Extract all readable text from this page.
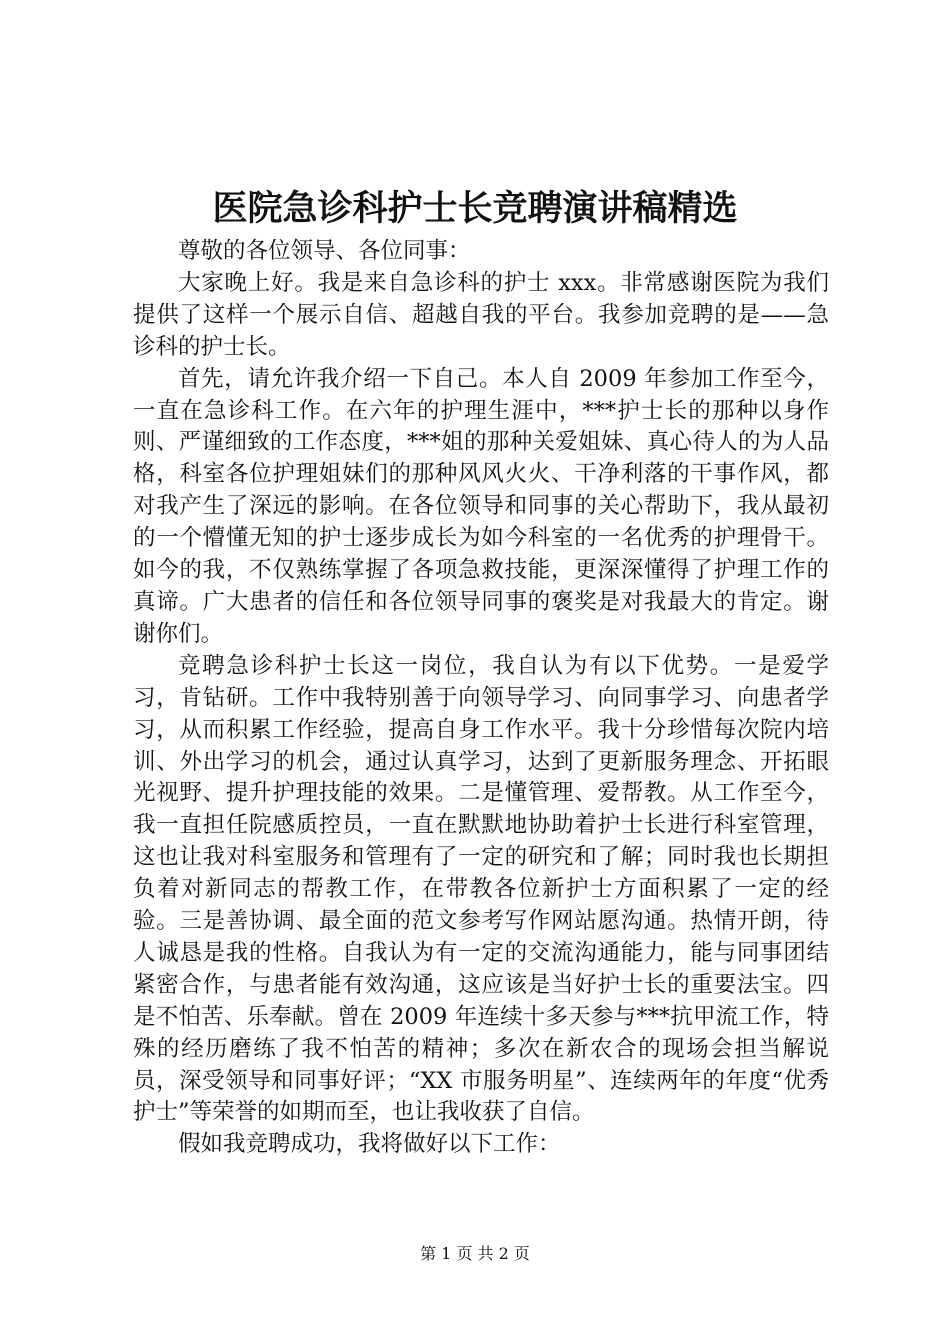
医院急诊科护士长竞聘演讲稿精选

尊敬的各位领导、各位同事：

大家晚上好。我是来自急诊科的护士 xxx。非常感谢医院为我们提供了这样一个展示自信、超越自我的平台。我参加竞聘的是——急诊科的护士长。

首先，请允许我介绍一下自己。本人自 2009 年参加工作至今，一直在急诊科工作。在六年的护理生涯中，***护士长的那种以身作则、严谨细致的工作态度，***姐的那种关爱姐妹、真心待人的为人品格，科室各位护理姐妹们的那种风风火火、干净利落的干事作风，都对我产生了深远的影响。在各位领导和同事的关心帮助下，我从最初的一个懵懂无知的护士逐步成长为如今科室的一名优秀的护理骨干。如今的我，不仅熟练掌握了各项急救技能，更深深懂得了护理工作的真谛。广大患者的信任和各位领导同事的褒奖是对我最大的肯定。谢谢你们。

竞聘急诊科护士长这一岗位，我自认为有以下优势。一是爱学习，肯钻研。工作中我特别善于向领导学习、向同事学习、向患者学习，从而积累工作经验，提高自身工作水平。我十分珍惜每次院内培训、外出学习的机会，通过认真学习，达到了更新服务理念、开拓眼光视野、提升护理技能的效果。二是懂管理、爱帮教。从工作至今，我一直担任院感质控员，一直在默默地协助着护士长进行科室管理，这也让我对科室服务和管理有了一定的研究和了解；同时我也长期担负着对新同志的帮教工作，在带教各位新护士方面积累了一定的经验。三是善协调、最全面的范文参考写作网站愿沟通。热情开朗，待人诚恳是我的性格。自我认为有一定的交流沟通能力，能与同事团结紧密合作，与患者能有效沟通，这应该是当好护士长的重要法宝。四是不怕苦、乐奉献。曾在 2009 年连续十多天参与***抗甲流工作，特殊的经历磨练了我不怕苦的精神；多次在新农合的现场会担当解说员，深受领导和同事好评；“XX 市服务明星”、连续两年的年度“优秀护士”等荣誉的如期而至，也让我收获了自信。

假如我竞聘成功，我将做好以下工作：

第 1 页 共 2 页
